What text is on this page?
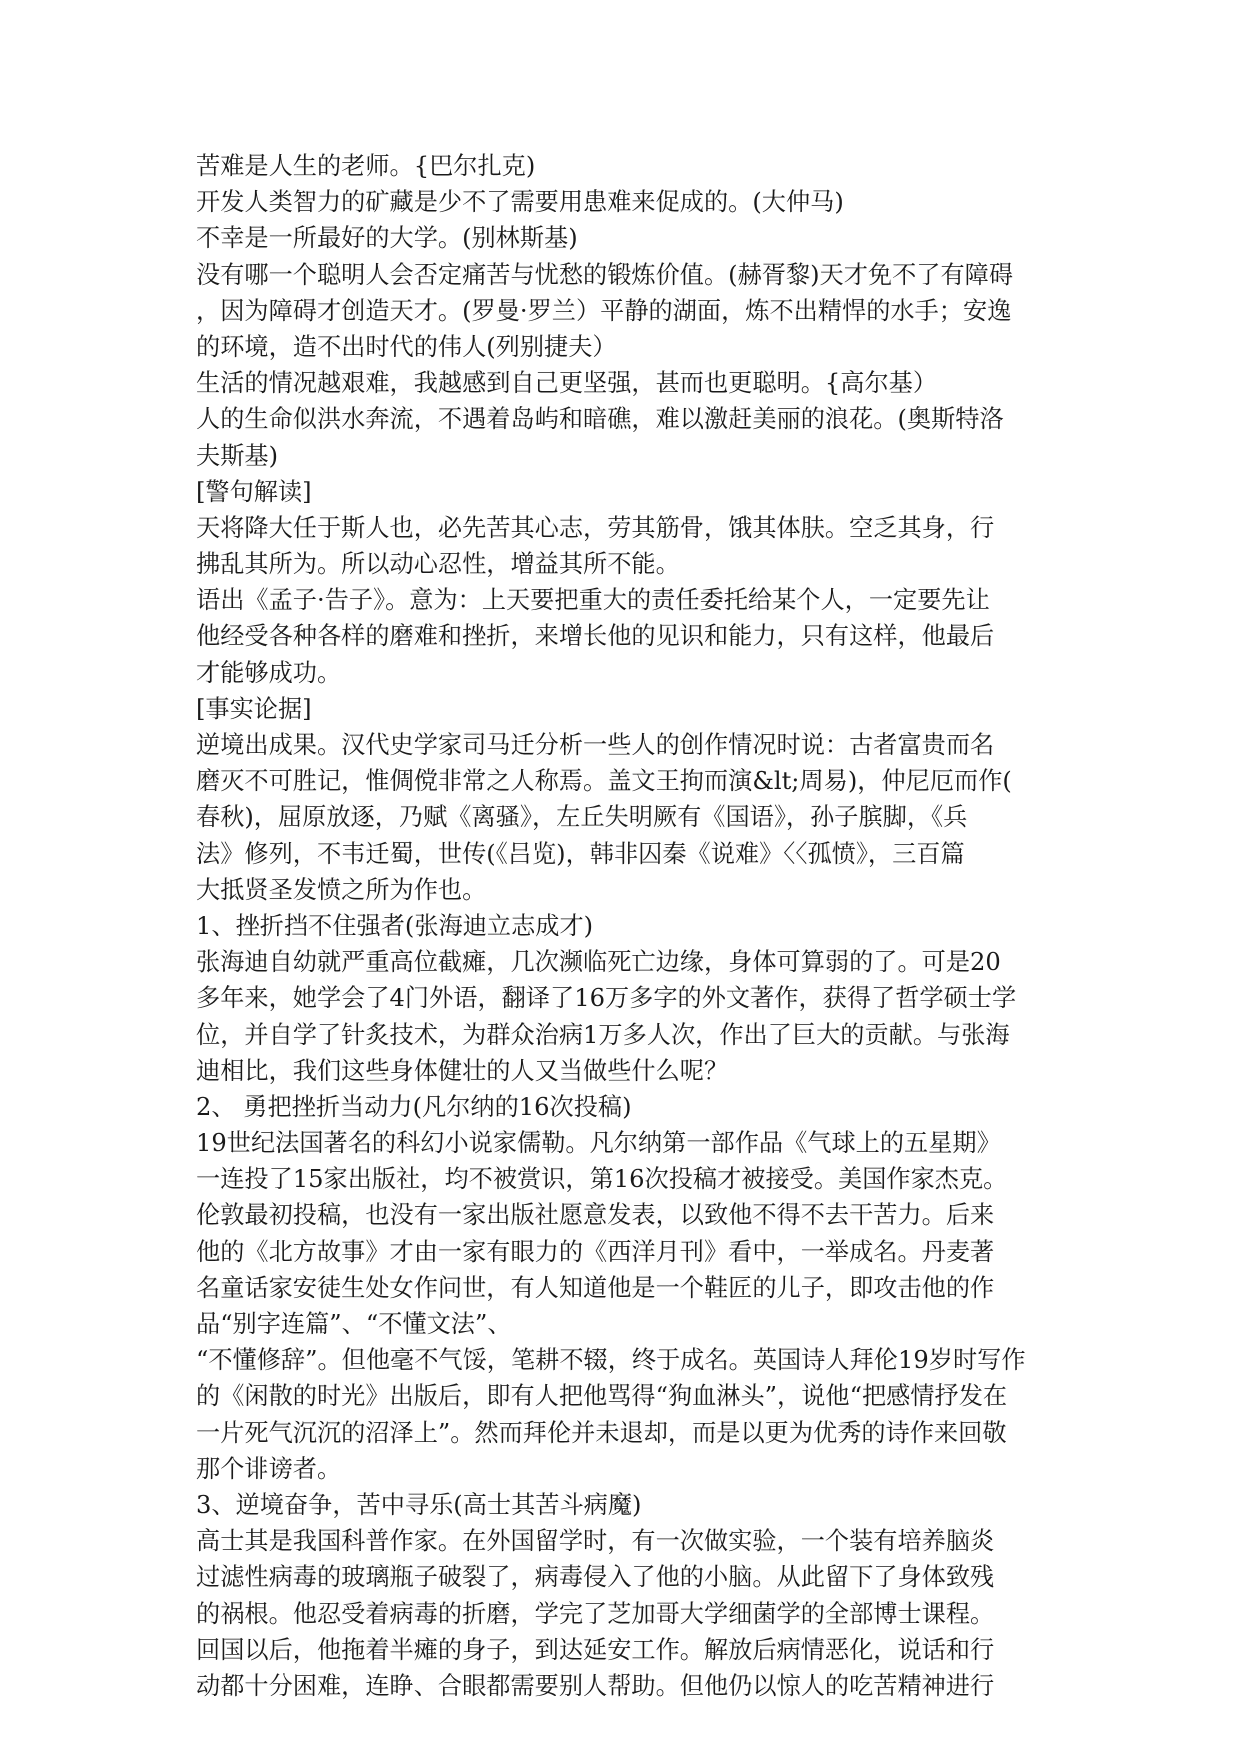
苦难是人生的老师。{巴尔扎克)
开发人类智力的矿藏是少不了需要用患难来促成的。(大仲马)
不幸是一所最好的大学。(别林斯基)
没有哪一个聪明人会否定痛苦与忧愁的锻炼价值。(赫胥黎)天才免不了有障碍
，因为障碍才创造天才。(罗曼·罗兰）平静的湖面，炼不出精悍的水手；安逸
的环境，造不出时代的伟人(列别捷夫）
生活的情况越艰难，我越感到自己更坚强，甚而也更聪明。{高尔基）
人的生命似洪水奔流，不遇着岛屿和暗礁，难以激赶美丽的浪花。(奥斯特洛
夫斯基)
[警句解读]
天将降大任于斯人也，必先苦其心志，劳其筋骨，饿其体肤。空乏其身，行
拂乱其所为。所以动心忍性，增益其所不能。
语出《孟子·告子》。意为：上天要把重大的责任委托给某个人，一定要先让
他经受各种各样的磨难和挫折，来增长他的见识和能力，只有这样，他最后
才能够成功。
[事实论据]
逆境出成果。汉代史学家司马迁分析一些人的创作情况时说：古者富贵而名
磨灭不可胜记，惟倜傥非常之人称焉。盖文王拘而演&lt;周易)，仲尼厄而作(
春秋)，屈原放逐，乃赋《离骚》，左丘失明厥有《国语》，孙子膑脚，《兵
法》修列，不韦迁蜀，世传(《吕览)，韩非囚秦《说难》〈〈孤愤》，三百篇
大抵贤圣发愤之所为作也。
1、挫折挡不住强者(张海迪立志成才)
张海迪自幼就严重高位截瘫，几次濒临死亡边缘，身体可算弱的了。可是20
多年来，她学会了4门外语，翻译了16万多字的外文著作，获得了哲学硕士学
位，并自学了针炙技术，为群众治病1万多人次，作出了巨大的贡献。与张海
迪相比，我们这些身体健壮的人又当做些什么呢？
2、 勇把挫折当动力(凡尔纳的16次投稿)
19世纪法国著名的科幻小说家儒勒。凡尔纳第一部作品《气球上的五星期》
一连投了15家出版社，均不被赏识，第16次投稿才被接受。美国作家杰克。
伦敦最初投稿，也没有一家出版社愿意发表，以致他不得不去干苦力。后来
他的《北方故事》才由一家有眼力的《西洋月刊》看中，一举成名。丹麦著
名童话家安徒生处女作问世，有人知道他是一个鞋匠的儿子，即攻击他的作
品“别字连篇”、“不懂文法”、
“不懂修辞”。但他毫不气馁，笔耕不辍，终于成名。英国诗人拜伦19岁时写作
的《闲散的时光》出版后，即有人把他骂得“狗血淋头”，说他“把感情抒发在
一片死气沉沉的沼泽上”。然而拜伦并未退却，而是以更为优秀的诗作来回敬
那个诽谤者。
3、逆境奋争，苦中寻乐(高士其苦斗病魔)
高士其是我国科普作家。在外国留学时，有一次做实验，一个装有培养脑炎
过滤性病毒的玻璃瓶子破裂了，病毒侵入了他的小脑。从此留下了身体致残
的祸根。他忍受着病毒的折磨，学完了芝加哥大学细菌学的全部博士课程。
回国以后，他拖着半瘫的身子，到达延安工作。解放后病情恶化，说话和行
动都十分困难，连睁、合眼都需要别人帮助。但他仍以惊人的吃苦精神进行
